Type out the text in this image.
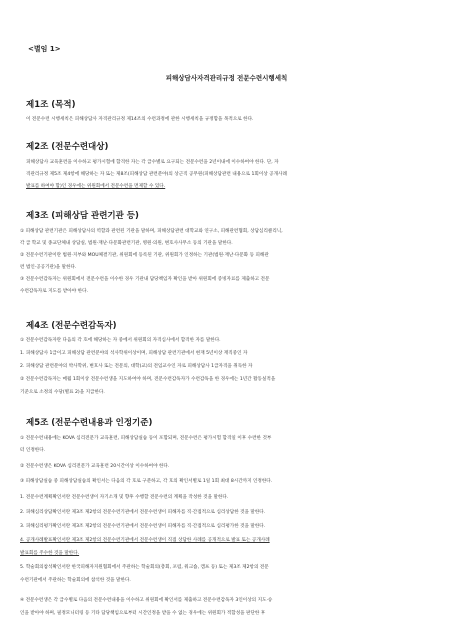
<별임 1>
피해상담사자격관리규정 전문수련시행세칙
제1조 (목적)
이 전문수런 시행세칙은 피해상담사 자격관리규정 제14조의 수련과정에 관한 시행세칙을 규정함을 목적으로 한다.
제2조 (전문수련대상)
피해상담사 교육훈련을 이수하고 평가시험에 합격한 자는 각 급수별로 요구되는 전문수련을 2년이내에 이수하여야 한다. 단, 자
격관리규정 제5조 제4항에 해당하는 자 또는 제8조(피해상담 관련분야)의 상근직 공무원(피해상담관련 내용으로 1회이상 공개사례
발표를 하여야 함)인 경우에는 위원회에서 전문수련을 면제할 수 있다.
제3조 (피해상담 관련기관 등)
① 피해상담 관련기관은 피해상담사의 역할과 관련된 기관을 말하며, 피해상담관련 대학교와 연구소, 피해관련협회, 상담심리클리닉,
각 급 학교 및 종교단체내 상담실, 법원·재난·다문화관련기관, 병원·의원, 변호사사무소 등의 기관을 말한다.
② 전문수련기관이란 법원·지부와 MOU체결기관, 위원회에 등록된 기관, 위원회가 인정하는 기관(법원·재난·다문화 등 피해관
련 법인·공공기관)을 말한다.
③ 전문수련감독자는 위원회에서 전문수련을 이수한 경우 기관내 담당책임자 확인을 받아 위원회에 증빙자료를 제출하고 전문
수련감독자로 지도를 받아야 한다.
제4조 (전문수련감독자)
① 전문수련감독자란 다음의 각 호에 해당하는 자 중에서 위원회의 자격심사에서 합격한 자를 말한다.
1. 피해상담사 1급이고 피해상담 관련분야의 석사학위이상이며, 피해상담 관련기관에서 현재 5년이상 재직중인 자
2. 피해상담 관련분야의 박사학위, 변호사 또는 전문의, 대학(교)의 전임교수인 자로 피해상담사 1급자격을 취득한 자
② 전문수련감독자는 매월 1회이상 전문수련생을 지도하여야 하며, 전문수련감독자가 수련감독을 한 경우에는 1년간 활동실적을
기준으로 소정의 수당(별표 2)을 지급한다.
제5조 (전문수련내용과 인정기준)
① 전문수련내용에는 KOVA 심리전문가 교육훈련, 피해상담실습 등이 포함되며, 전문수련은 평가시험 합격일 이후 수련한 것부
터 인정한다.
② 전문수련생은 KOVA 심리전문가 교육훈련 20시간이상 이수하여야 한다.
③ 피해상담실습 중 피해상담실습의 확인서는 다음의 각 호로 구분하고, 각 호의 확인서별로 1일 1회 최대 8시간까지 인정한다.
1. 전문수련계획확인서란 전문수련생이 자기소개 및 향후 수행할 전문수련의 계획을 작성한 것을 말한다.
2. 피해심리상담확인서란 제3조 제2항의 전문수련기관에서 전문수련생이 피해자를 직·간접적으로 심리상담한 것을 말한다.
3. 피해심리평가확인서란 제3조 제2항의 전문수련기관에서 전문수련생이 피해자를 직·간접적으로 심리평가한 것을 말한다.
4. 공개사례발표확인서란 제3조 제2항의 전문수련기관에서 전문수련생이 직접 상담한 사례를 공개적으로 발표 또는 공개사례
발표회를 주수한 것을 말한다.
5. 학술회의참석확인서란 한국피해자지원협회에서 주관하는 학술회의(총회, 포럼, 워크숍, 캠프 등) 또는 제3조 제2항의 전문
수련기관에서 주관하는 학술회의에 참석한 것을 말한다.
④ 전문수련생은 각 급수별로 다음의 전문수련내용을 이수하고 위원회에 확인서를 제출하고 전문수련감독자 3인이상의 지도·승
인을 받아야 하며, 필정모니터링 등 기타 담당책임으로부터 시간인정을 받을 수 없는 경우에는 위원회가 적합성을 판단한 후
